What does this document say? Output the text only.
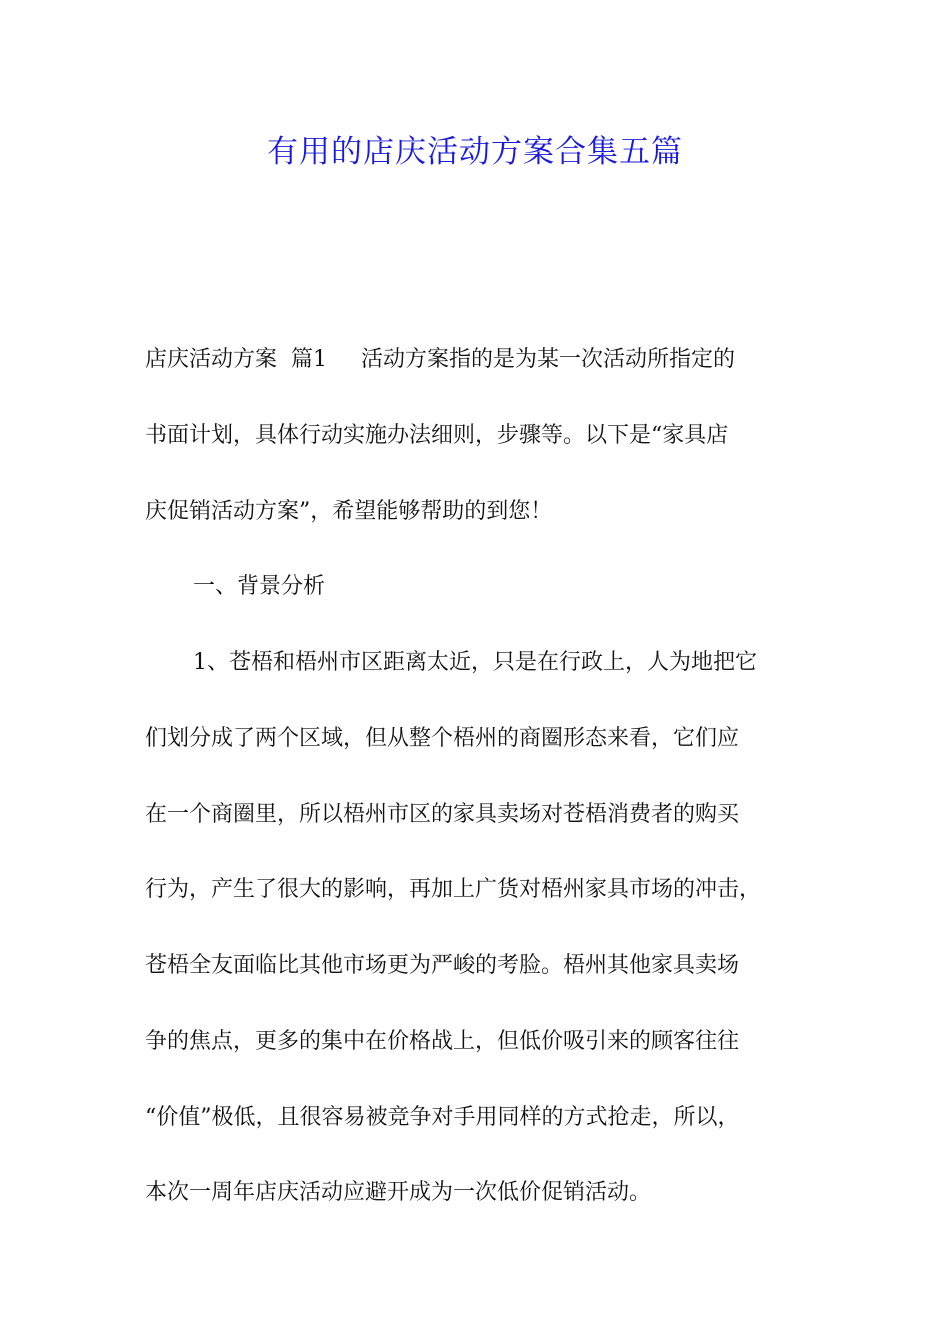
有用的店庆活动方案合集五篇
店庆活动方案  篇1 活动方案指的是为某一次活动所指定的
书面计划，具体行动实施办法细则，步骤等。以下是“家具店
庆促销活动方案”，希望能够帮助的到您！
一、背景分析
1、苍梧和梧州市区距离太近，只是在行政上，人为地把它
们划分成了两个区域，但从整个梧州的商圈形态来看，它们应
在一个商圈里，所以梧州市区的家具卖场对苍梧消费者的购买
行为，产生了很大的影响，再加上广货对梧州家具市场的冲击，
苍梧全友面临比其他市场更为严峻的考脸。梧州其他家具卖场
争的焦点，更多的集中在价格战上，但低价吸引来的顾客往往
“价值”极低，且很容易被竞争对手用同样的方式抢走，所以，
本次一周年店庆活动应避开成为一次低价促销活动。
